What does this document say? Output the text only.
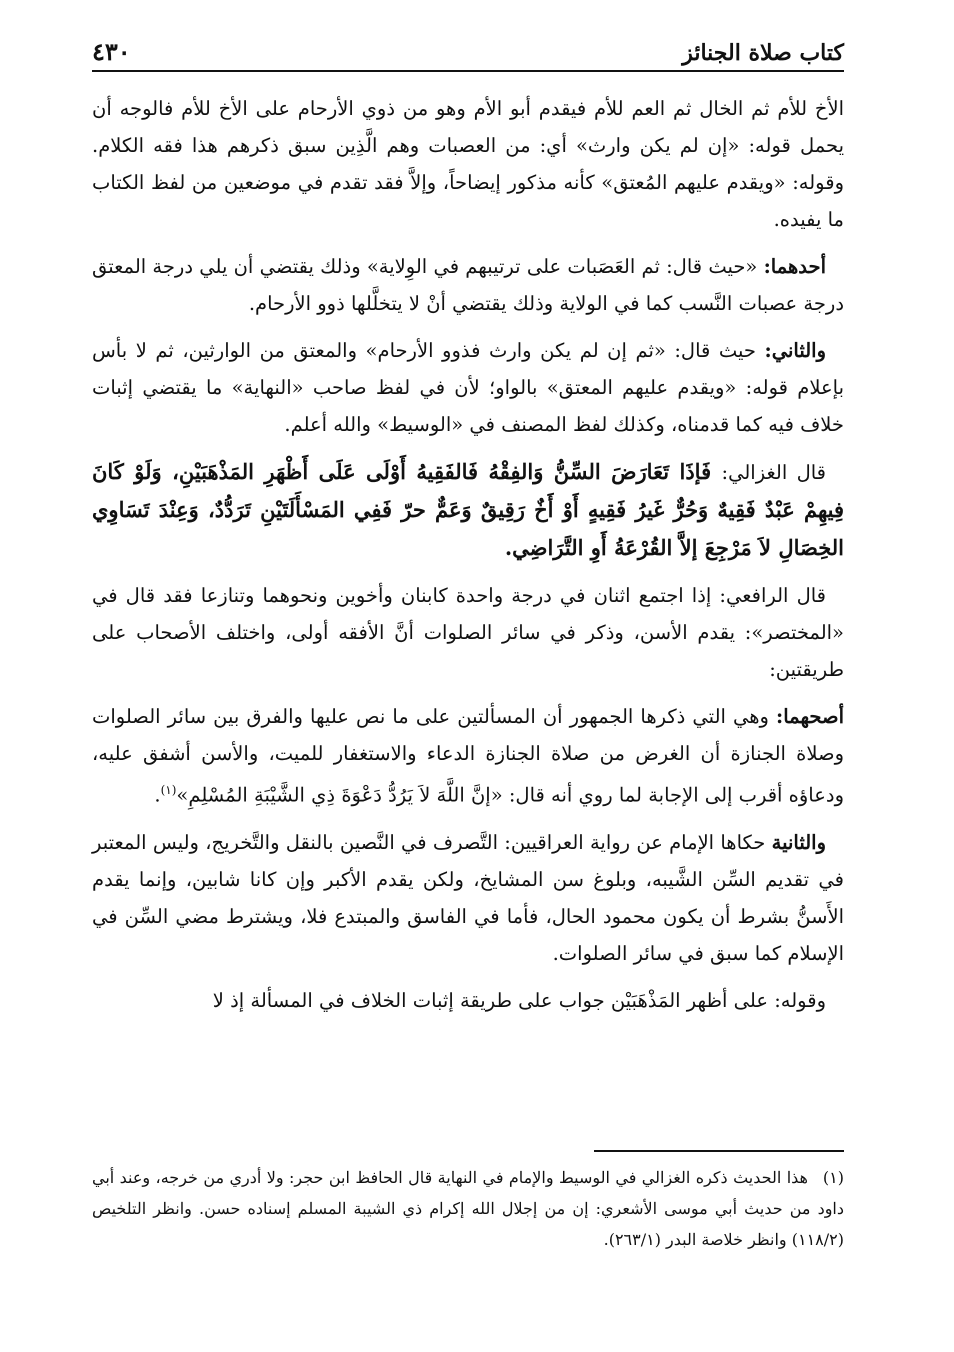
كتاب صلاة الجنائز
٤٣٠

الأخ للأم ثم الخال ثم العم للأم فيقدم أبو الأم وهو من ذوي الأرحام على الأخ للأم فالوجه أن يحمل قوله: «إن لم يكن وارث» أي: من العصبات وهم الَّذِين سبق ذكرهم هذا فقه الكلام. وقوله: «ويقدم عليهم المُعتق» كأنه مذكور إيضاحاً، وإلاَّ فقد تقدم في موضعين من لفظ الكتاب ما يفيده.

أحدهما: «حيث قال: ثم العَصَبات على ترتيبهم في الوِلاية» وذلك يقتضي أن يلي درجة المعتق درجة عصبات النَّسب كما في الولاية وذلك يقتضي أنْ لا يتخلَّلها ذوو الأرحام.

والثاني: حيث قال: «ثم إن لم يكن وارث فذوو الأرحام» والمعتق من الوارثين، ثم لا بأس بإعلام قوله: «ويقدم عليهم المعتق» بالواو؛ لأن في لفظ صاحب «النهاية» ما يقتضي إثبات خلاف فيه كما قدمناه، وكذلك لفظ المصنف في «الوسيط» والله أعلم.

قال الغزالي: فَإذَا تَعَارَضَ السِّنُّ وَالفِقْهُ فَالفَقِيهُ أَوْلَى عَلَى أَظْهَرِ المَذْهَبَيْنِ، وَلَوْ كَانَ فِيهِمْ عَبْدٌ فَقِيهٌ وَحُرٌّ غَيرُ فَقِيهٍ أَوْ أَخٌ رَقِيقٌ وَعَمٌّ حرّ فَفِي المَسْأَلَتَيْنِ تَرَدُّدٌ، وَعِنْدَ تَسَاوِي الخِصَالِ لاَ مَرْجِعَ إلاَّ القُرْعَةُ أَوِ التَّرَاضِي.

قال الرافعي: إذا اجتمع اثنان في درجة واحدة كابنان وأخوين ونحوهما وتنازعا فقد قال في «المختصر»: يقدم الأسن، وذكر في سائر الصلوات أنَّ الأفقه أولى، واختلف الأصحاب على طريقتين:

أصحهما: وهي التي ذكرها الجمهور أن المسألتين على ما نص عليها والفرق بين سائر الصلوات وصلاة الجنازة أن الغرض من صلاة الجنازة الدعاء والاستغفار للميت، والأسن أشفق عليه، ودعاؤه أقرب إلى الإجابة لما روي أنه قال: «إنَّ اللَّهَ لاَ يَرُدُّ دَعْوَةَ ذِي الشَّيْبَةِ المُسْلِمِ»$^{(١)}$.

والثانية حكاها الإمام عن رواية العراقيين: التَّصرف في النَّصين بالنقل والتَّخريج، وليس المعتبر في تقديم السِّن الشَّيبه، وبلوغ سن المشايخ، ولكن يقدم الأكبر وإن كانا شابين، وإنما يقدم الأَسنُّ بشرط أن يكون محمود الحال، فأما في الفاسق والمبتدع فلا، ويشترط مضي السِّن في الإسلام كما سبق في سائر الصلوات.

وقوله: على أظهر المَذْهَبَيْن جواب على طريقة إثبات الخلاف في المسألة إذ لا

(١)هذا الحديث ذكره الغزالي في الوسيط والإمام في النهاية قال الحافظ ابن حجر: ولا أدري من خرجه، وعند أبي داود من حديث أبي موسى الأشعري: إن من إجلال الله إكرام ذي الشيبة المسلم إسناده حسن. وانظر التلخيص (١١٨/٢) وانظر خلاصة البدر (٢٦٣/١).
